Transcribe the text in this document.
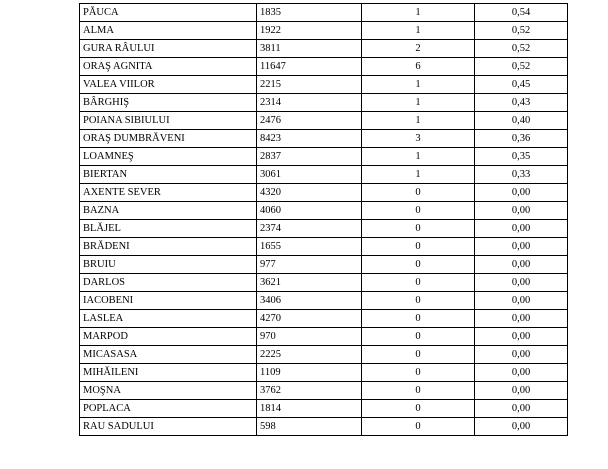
PĂUCA	1835	1	0,54
ALMA	1922	1	0,52
GURA RÂULUI	3811	2	0,52
ORAŞ AGNITA	11647	6	0,52
VALEA VIILOR	2215	1	0,45
BÂRGHIŞ	2314	1	0,43
POIANA SIBIULUI	2476	1	0,40
ORAŞ DUMBRĂVENI	8423	3	0,36
LOAMNEŞ	2837	1	0,35
BIERTAN	3061	1	0,33
AXENTE SEVER	4320	0	0,00
BAZNA	4060	0	0,00
BLĂJEL	2374	0	0,00
BRĂDENI	1655	0	0,00
BRUIU	977	0	0,00
DARLOS	3621	0	0,00
IACOBENI	3406	0	0,00
LASLEA	4270	0	0,00
MARPOD	970	0	0,00
MICASASA	2225	0	0,00
MIHĂILENI	1109	0	0,00
MOŞNA	3762	0	0,00
POPLACA	1814	0	0,00
RAU SADULUI	598	0	0,00
